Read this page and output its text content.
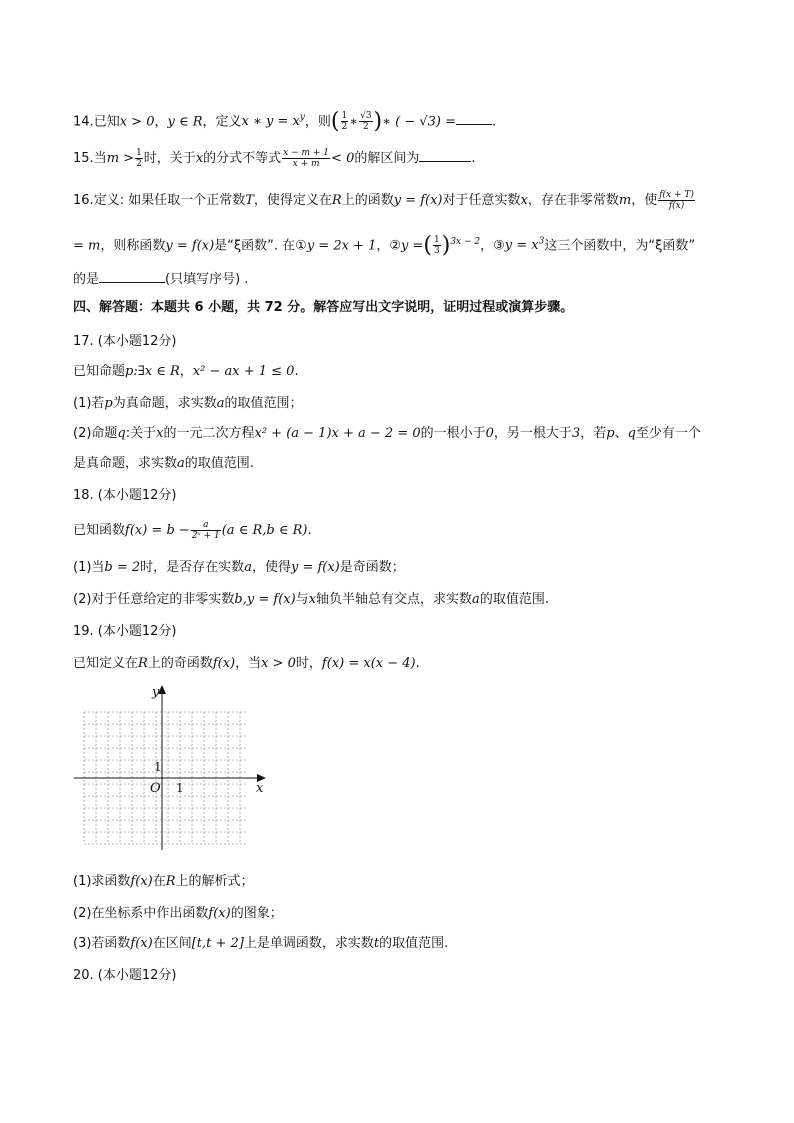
14.已知x > 0，y ∈ R，定义x ∗ $y = x^y$，则( $\frac{1}{2}$ ∗ $\frac{√3}{2}$ )∗ ( − √3) =	.
15.当$m > \frac{1}{2}$ 时，关于x的分式不等式 $\frac{x - m + 1}{x + m} < 0$的解区间为	.
16.定义: 如果任取一个正常数T，使得定义在R上的函数y = f(x)对于任意实数x，存在非零常数m，使 $\frac{f(x + T)}{f(x)}$
= m，则称函数y = f(x)是“ξ函数”. 在①y = 2x + 1，②y =( $\frac{1}{3} )^{3x - 2}$，③y = $x^3$这三个函数中，为“ξ函数”
的是	(只填写序号) .
四、解答题：本题共 6 小题，共 72 分。解答应写出文字说明，证明过程或演算步骤。
17. (本小题12分)
已知命题p:∃x ∈ R，x² − ax + 1 ≤ 0.
(1)若p为真命题，求实数a的取值范围；
(2)命题q:关于x的一元二次方程x² + (a − 1)x + a − 2 = 0的一根小于0，另一根大于3，若p、q至少有一个
是真命题，求实数a的取值范围.
18. (本小题12分)
已知函数$f(x) = b - \frac{a}{\text{2ˣ + 1}} (a$ ∈ R,b ∈ R).
(1)当b = 2时，是否存在实数a，使得y = f(x)是奇函数；
(2)对于任意给定的非零实数b,y = f(x)与x轴负半轴总有交点，求实数a的取值范围.
19. (本小题12分)
已知定义在R上的奇函数f(x)，当x > 0时，f(x) = x(x − 4).
y
x
O 1
1
(1)求函数f(x)在R上的解析式；
(2)在坐标系中作出函数f(x)的图象；
(3)若函数f(x)在区间[t,t + 2]上是单调函数，求实数t的取值范围.
20. (本小题12分)
